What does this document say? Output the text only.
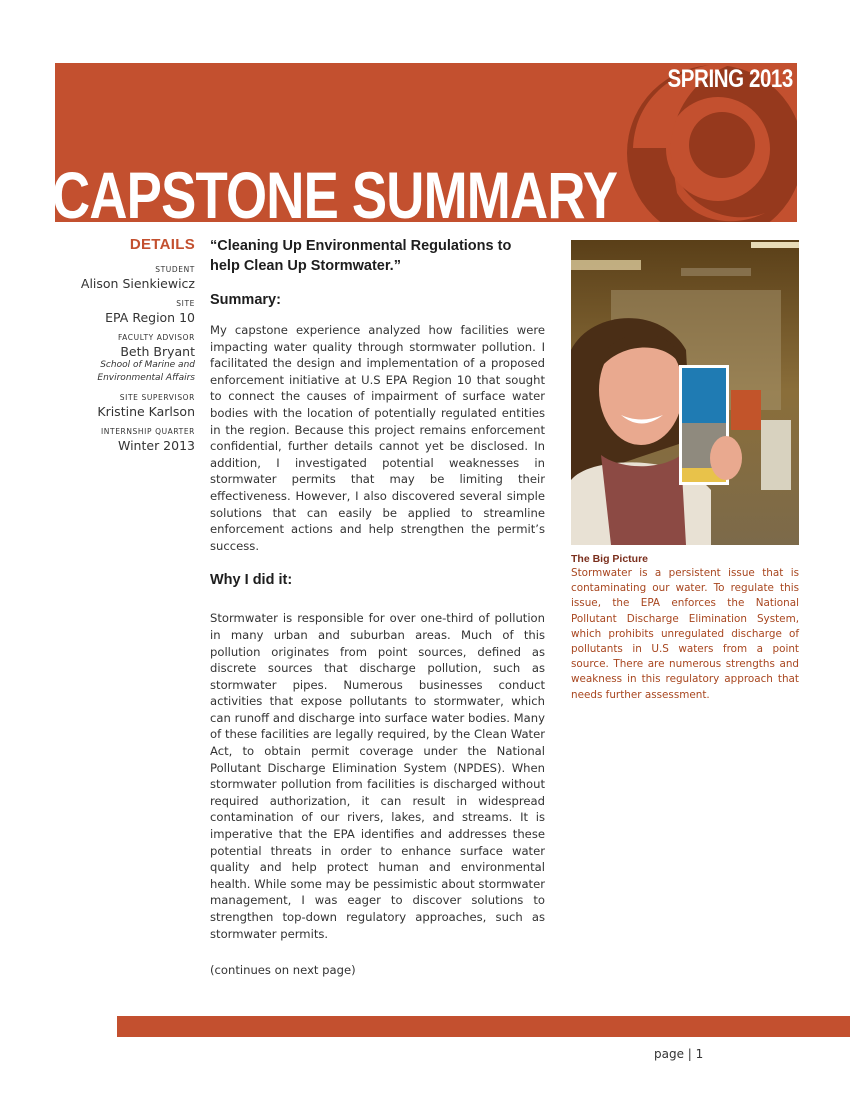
SPRING 2013
CAPSTONE SUMMARY
DETAILS
STUDENT
Alison Sienkiewicz
SITE
EPA Region 10
FACULTY ADVISOR
Beth Bryant
School of Marine and Environmental Affairs
SITE SUPERVISOR
Kristine Karlson
INTERNSHIP QUARTER
Winter 2013
“Cleaning Up Environmental Regulations to help Clean Up Stormwater.”
Summary:

My capstone experience analyzed how facilities were impacting water quality through stormwater pollution. I facilitated the design and implementation of a proposed enforcement initiative at U.S EPA Region 10 that sought to connect the causes of impairment of surface water bodies with the location of potentially regulated entities in the region. Because this project remains enforcement confidential, further details cannot yet be disclosed. In addition, I investigated potential weaknesses in stormwater permits that may be limiting their effectiveness. However, I also discovered several simple solutions that can easily be applied to streamline enforcement actions and help strengthen the permit’s success.

Why I did it:

Stormwater is responsible for over one-third of pollution in many urban and suburban areas. Much of this pollution originates from point sources, defined as discrete sources that discharge pollution, such as stormwater pipes. Numerous businesses conduct activities that expose pollutants to stormwater, which can runoff and discharge into surface water bodies. Many of these facilities are legally required, by the Clean Water Act, to obtain permit coverage under the National Pollutant Discharge Elimination System (NPDES). When stormwater pollution from facilities is discharged without required authorization, it can result in widespread contamination of our rivers, lakes, and streams. It is imperative that the EPA identifies and addresses these potential threats in order to enhance surface water quality and help protect human and environmental health. While some may be pessimistic about stormwater management, I was eager to discover solutions to strengthen top-down regulatory approaches, such as stormwater permits.

(continues on next page)
The Big Picture

Stormwater is a persistent issue that is contaminating our water. To regulate this issue, the EPA enforces the National Pollutant Discharge Elimination System, which prohibits unregulated discharge of pollutants in U.S waters from a point source. There are numerous strengths and weakness in this regulatory approach that needs further assessment.

page | 1
